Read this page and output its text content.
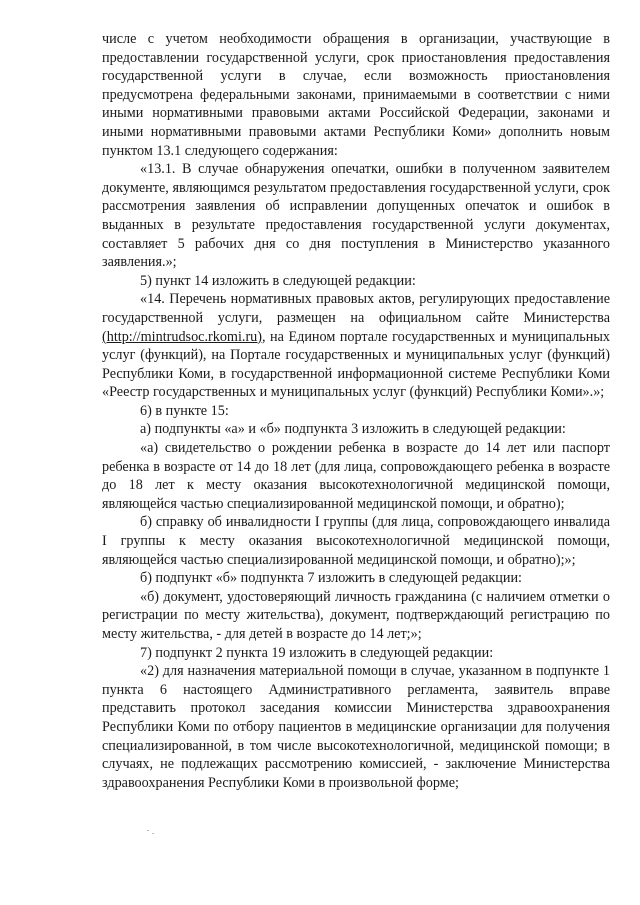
числе с учетом необходимости обращения в организации, участвующие в предоставлении государственной услуги, срок приостановления предоставления государственной услуги в случае, если возможность приостановления предусмотрена федеральными законами, принимаемыми в соответствии с ними иными нормативными правовыми актами Российской Федерации, законами и иными нормативными правовыми актами Республики Коми» дополнить новым пунктом 13.1 следующего содержания:

«13.1. В случае обнаружения опечатки, ошибки в полученном заявителем документе, являющимся результатом предоставления государственной услуги, срок рассмотрения заявления об исправлении допущенных опечаток и ошибок в выданных в результате предоставления государственной услуги документах, составляет 5 рабочих дня со дня поступления в Министерство указанного заявления.»;

5) пункт 14 изложить в следующей редакции:

«14. Перечень нормативных правовых актов, регулирующих предоставление государственной услуги, размещен на официальном сайте Министерства (http://mintrudsoc.rkomi.ru), на Едином портале государственных и муниципальных услуг (функций), на Портале государственных и муниципальных услуг (функций) Республики Коми, в государственной информационной системе Республики Коми «Реестр государственных и муниципальных услуг (функций) Республики Коми».»;

6) в пункте 15:

а) подпункты «а» и «б» подпункта 3 изложить в следующей редакции:

«а) свидетельство о рождении ребенка в возрасте до 14 лет или паспорт ребенка в возрасте от 14 до 18 лет (для лица, сопровождающего ребенка в возрасте до 18 лет к месту оказания высокотехнологичной медицинской помощи, являющейся частью специализированной медицинской помощи, и обратно);

б) справку об инвалидности I группы (для лица, сопровождающего инвалида I группы к месту оказания высокотехнологичной медицинской помощи, являющейся частью специализированной медицинской помощи, и обратно);»;

б) подпункт «б» подпункта 7 изложить в следующей редакции:

«б) документ, удостоверяющий личность гражданина (с наличием отметки о регистрации по месту жительства), документ, подтверждающий регистрацию по месту жительства, - для детей в возрасте до 14 лет;»;

7) подпункт 2 пункта 19 изложить в следующей редакции:

«2) для назначения материальной помощи в случае, указанном в подпункте 1 пункта 6 настоящего Административного регламента, заявитель вправе представить протокол заседания комиссии Министерства здравоохранения Республики Коми по отбору пациентов в медицинские организации для получения специализированной, в том числе высокотехнологичной, медицинской помощи; в случаях, не подлежащих рассмотрению комиссией, - заключение Министерства здравоохранения Республики Коми в произвольной форме;
